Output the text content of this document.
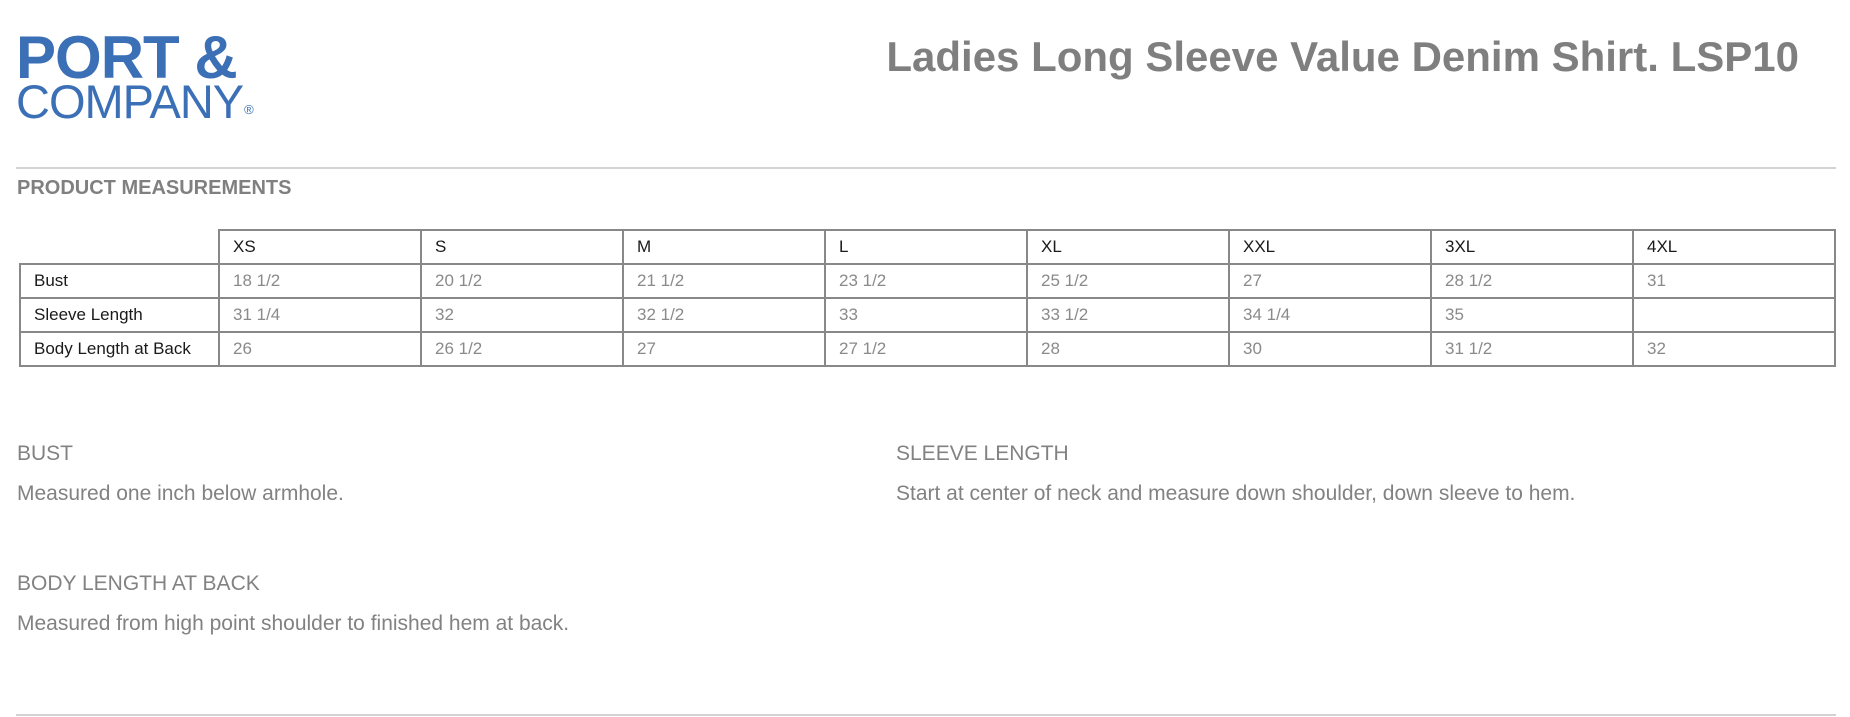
PORT &
COMPANY®
Ladies Long Sleeve Value Denim Shirt. LSP10
PRODUCT MEASUREMENTS
	XS	S	M	L	XL	XXL	3XL	4XL
Bust	18 1/2	20 1/2	21 1/2	23 1/2	25 1/2	27	28 1/2	31
Sleeve Length	31 1/4	32	32 1/2	33	33 1/2	34 1/4	35	
Body Length at Back	26	26 1/2	27	27 1/2	28	30	31 1/2	32
BUST
Measured one inch below armhole.
SLEEVE LENGTH
Start at center of neck and measure down shoulder, down sleeve to hem.
BODY LENGTH AT BACK
Measured from high point shoulder to finished hem at back.
